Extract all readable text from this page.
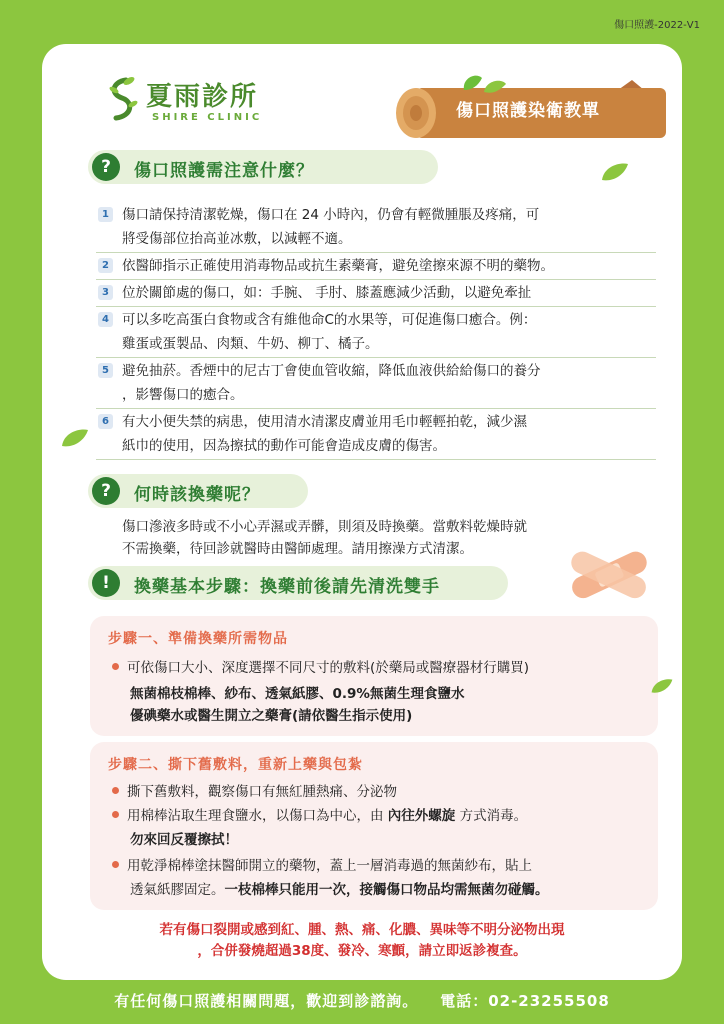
傷口照護-2022-V1
夏雨診所
SHIRE CLINIC	傷口照護染衛教單
?	傷口照護需注意什麼？
1 傷口請保持清潔乾燥，傷口在 24 小時內，仍會有輕微腫脹及疼痛，可
將受傷部位抬高並冰敷，以減輕不適。
2 依醫師指示正確使用消毒物品或抗生素藥膏，避免塗擦來源不明的藥物。
3 位於關節處的傷口，如：手腕、 手肘、膝蓋應減少活動，以避免牽扯
4 可以多吃高蛋白食物或含有維他命C的水果等，可促進傷口癒合。例：
雞蛋或蛋製品、肉類、牛奶、柳丁、橘子。
5 避免抽菸。香煙中的尼古丁會使血管收縮，降低血液供給給傷口的養分
，影響傷口的癒合。
6 有大小便失禁的病患，使用清水清潔皮膚並用毛巾輕輕拍乾，減少濕
紙巾的使用，因為擦拭的動作可能會造成皮膚的傷害。
?	何時該換藥呢？
傷口滲液多時或不小心弄濕或弄髒，則須及時換藥。當敷料乾燥時就
不需換藥，待回診就醫時由醫師處理。請用擦澡方式清潔。
!	換藥基本步驟：換藥前後請先清洗雙手
步驟一、準備換藥所需物品
可依傷口大小、深度選擇不同尺寸的敷料(於藥局或醫療器材行購買)
無菌棉枝棉棒、紗布、透氣紙膠、0.9%無菌生理食鹽水
優碘藥水或醫生開立之藥膏(請依醫生指示使用)
步驟二、撕下舊敷料，重新上藥與包紮
撕下舊敷料，觀察傷口有無紅腫熱痛、分泌物
用棉棒沾取生理食鹽水，以傷口為中心，由 內往外螺旋 方式消毒。
勿來回反覆擦拭！
用乾淨棉棒塗抹醫師開立的藥物，蓋上一層消毒過的無菌紗布，貼上
透氣紙膠固定。一枝棉棒只能用一次，接觸傷口物品均需無菌勿碰觸。
若有傷口裂開或感到紅、腫、熱、痛、化膿、異味等不明分泌物出現
，合併發燒超過38度、發冷、寒顫，請立即返診複查。
有任何傷口照護相關問題，歡迎到診諮詢。 電話：02-23255508
